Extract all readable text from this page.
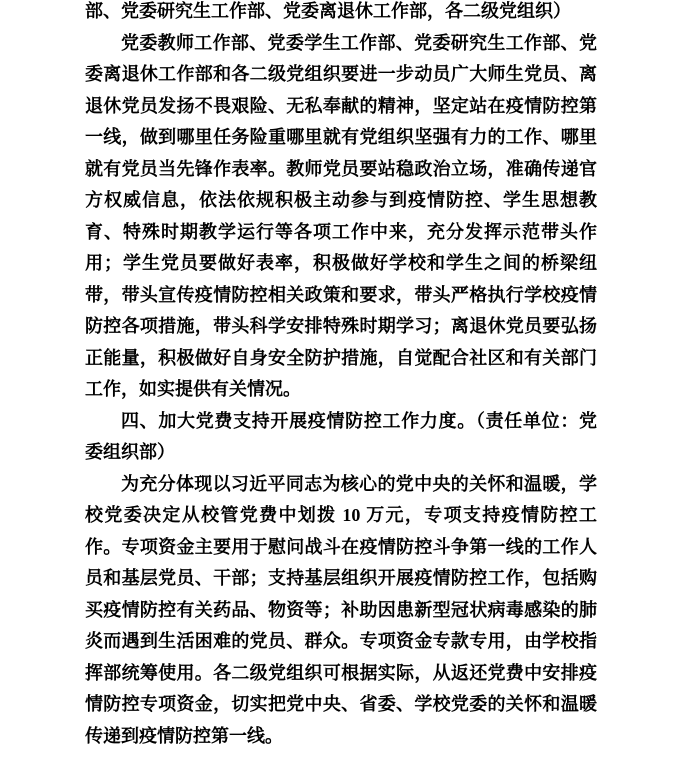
部、党委研究生工作部、党委离退休工作部，各二级党组织）

党委教师工作部、党委学生工作部、党委研究生工作部、党委离退休工作部和各二级党组织要进一步动员广大师生党员、离退休党员发扬不畏艰险、无私奉献的精神，坚定站在疫情防控第一线，做到哪里任务险重哪里就有党组织坚强有力的工作、哪里就有党员当先锋作表率。教师党员要站稳政治立场，准确传递官方权威信息，依法依规积极主动参与到疫情防控、学生思想教育、特殊时期教学运行等各项工作中来，充分发挥示范带头作用；学生党员要做好表率，积极做好学校和学生之间的桥梁纽带，带头宣传疫情防控相关政策和要求，带头严格执行学校疫情防控各项措施，带头科学安排特殊时期学习；离退休党员要弘扬正能量，积极做好自身安全防护措施，自觉配合社区和有关部门工作，如实提供有关情况。

四、加大党费支持开展疫情防控工作力度。（责任单位：党委组织部）

为充分体现以习近平同志为核心的党中央的关怀和温暖，学校党委决定从校管党费中划拨 10 万元，专项支持疫情防控工作。专项资金主要用于慰问战斗在疫情防控斗争第一线的工作人员和基层党员、干部；支持基层组织开展疫情防控工作，包括购买疫情防控有关药品、物资等；补助因患新型冠状病毒感染的肺炎而遇到生活困难的党员、群众。专项资金专款专用，由学校指挥部统筹使用。各二级党组织可根据实际，从返还党费中安排疫情防控专项资金，切实把党中央、省委、学校党委的关怀和温暖传递到疫情防控第一线。
